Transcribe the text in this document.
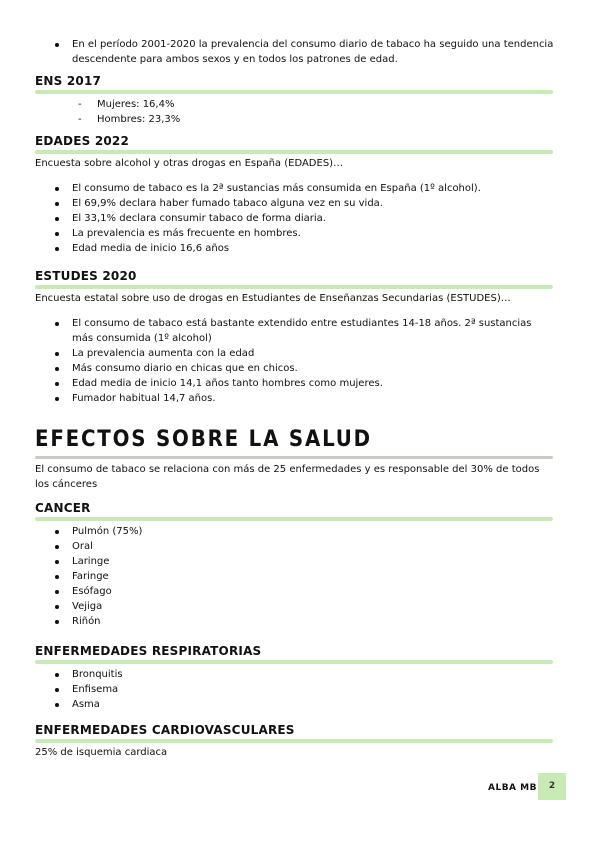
En el período 2001-2020 la prevalencia del consumo diario de tabaco ha seguido una tendencia descendente para ambos sexos y en todos los patrones de edad.
ENS 2017
- Mujeres: 16,4%
- Hombres: 23,3%
EDADES 2022
Encuesta sobre alcohol y otras drogas en España (EDADES)…
El consumo de tabaco es la 2ª sustancias más consumida en España (1º alcohol).
El 69,9% declara haber fumado tabaco alguna vez en su vida.
El 33,1% declara consumir tabaco de forma diaria.
La prevalencia es más frecuente en hombres.
Edad media de inicio 16,6 años
ESTUDES 2020
Encuesta estatal sobre uso de drogas en Estudiantes de Enseñanzas Secundarias (ESTUDES)…
El consumo de tabaco está bastante extendido entre estudiantes 14-18 años. 2ª sustancias más consumida (1º alcohol)
La prevalencia aumenta con la edad
Más consumo diario en chicas que en chicos.
Edad media de inicio 14,1 años tanto hombres como mujeres.
Fumador habitual 14,7 años.
EFECTOS SOBRE LA SALUD
El consumo de tabaco se relaciona con más de 25 enfermedades y es responsable del 30% de todos los cánceres
CANCER
Pulmón (75%)
Oral
Laringe
Faringe
Esófago
Vejiga
Riñón
ENFERMEDADES RESPIRATORIAS
Bronquitis
Enfisema
Asma
ENFERMEDADES CARDIOVASCULARES
25% de isquemia cardiaca
ALBA MB	2
